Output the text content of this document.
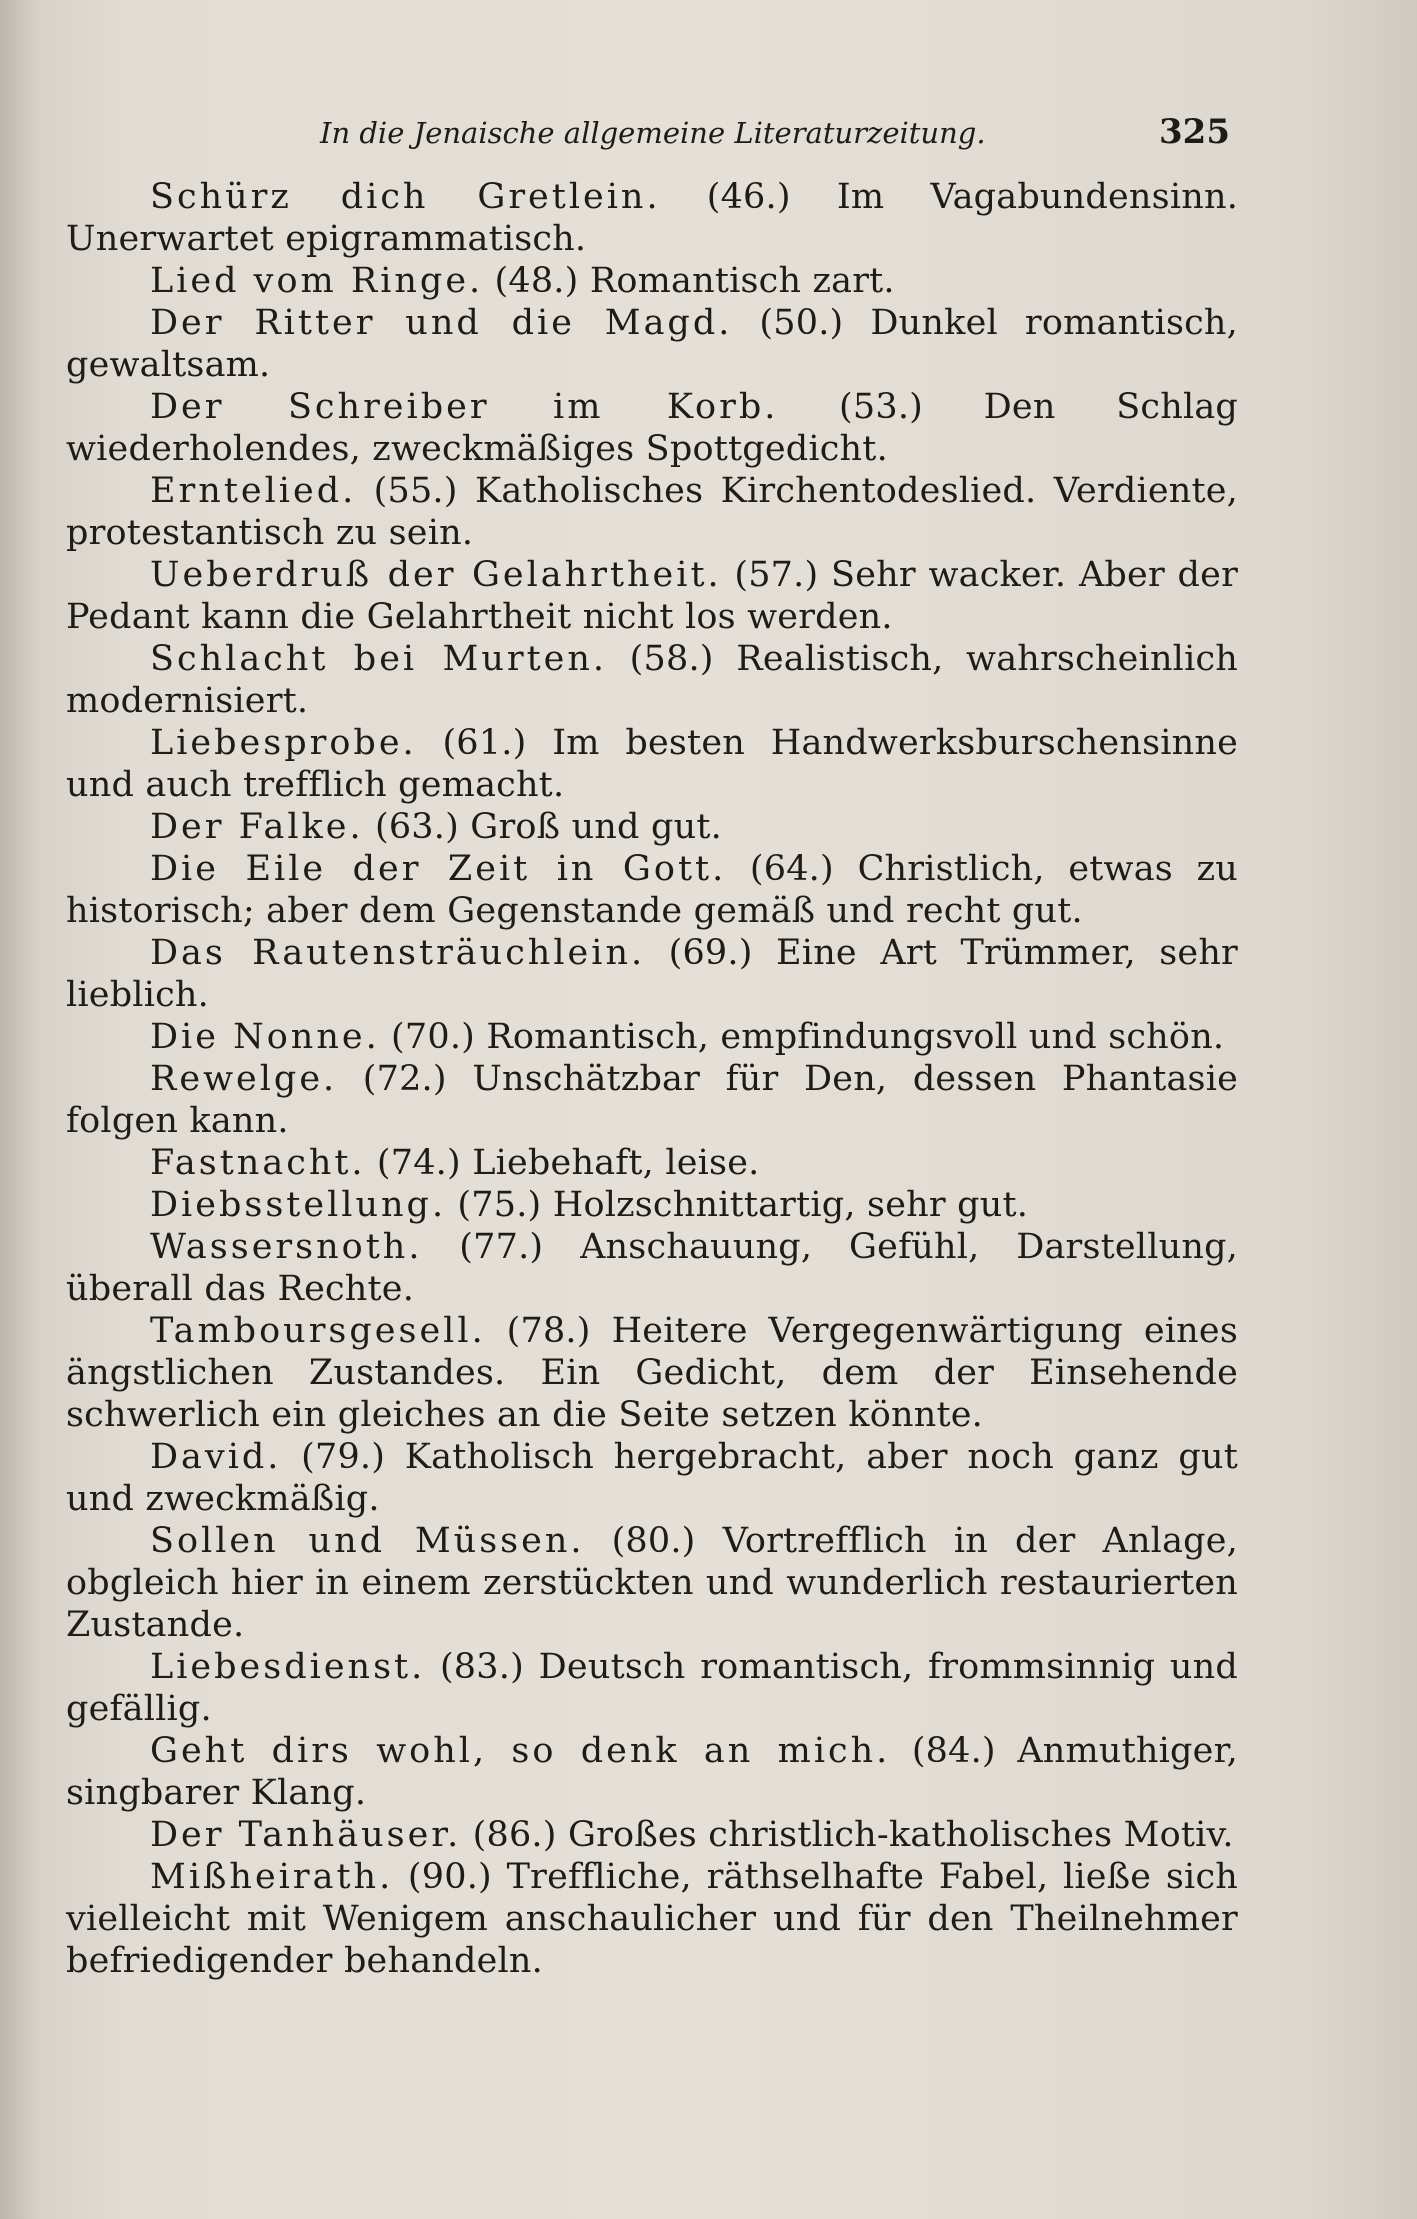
In die Jenaische allgemeine Literaturzeitung.	325

Schürz dich Gretlein. (46.) Im Vagabundensinn. Unerwartet epigrammatisch.

Lied vom Ringe. (48.) Romantisch zart.

Der Ritter und die Magd. (50.) Dunkel romantisch, gewaltsam.

Der Schreiber im Korb. (53.) Den Schlag wiederholendes, zweckmäßiges Spottgedicht.

Erntelied. (55.) Katholisches Kirchentodeslied. Verdiente, protestantisch zu sein.

Ueberdruß der Gelahrtheit. (57.) Sehr wacker. Aber der Pedant kann die Gelahrtheit nicht los werden.

Schlacht bei Murten. (58.) Realistisch, wahrscheinlich modernisiert.

Liebesprobe. (61.) Im besten Handwerksburschensinne und auch trefflich gemacht.

Der Falke. (63.) Groß und gut.

Die Eile der Zeit in Gott. (64.) Christlich, etwas zu historisch; aber dem Gegenstande gemäß und recht gut.

Das Rautensträuchlein. (69.) Eine Art Trümmer, sehr lieblich.

Die Nonne. (70.) Romantisch, empfindungsvoll und schön.

Rewelge. (72.) Unschätzbar für Den, dessen Phantasie folgen kann.

Fastnacht. (74.) Liebehaft, leise.

Diebsstellung. (75.) Holzschnittartig, sehr gut.

Wassersnoth. (77.) Anschauung, Gefühl, Darstellung, überall das Rechte.

Tamboursgesell. (78.) Heitere Vergegenwärtigung eines ängstlichen Zustandes. Ein Gedicht, dem der Einsehende schwerlich ein gleiches an die Seite setzen könnte.

David. (79.) Katholisch hergebracht, aber noch ganz gut und zweckmäßig.

Sollen und Müssen. (80.) Vortrefflich in der Anlage, obgleich hier in einem zerstückten und wunderlich restaurierten Zustande.

Liebesdienst. (83.) Deutsch romantisch, frommsinnig und gefällig.

Geht dirs wohl, so denk an mich. (84.) Anmuthiger, singbarer Klang.

Der Tanhäuser. (86.) Großes christlich-katholisches Motiv.

Mißheirath. (90.) Treffliche, räthselhafte Fabel, ließe sich vielleicht mit Wenigem anschaulicher und für den Theilnehmer befriedigender behandeln.
